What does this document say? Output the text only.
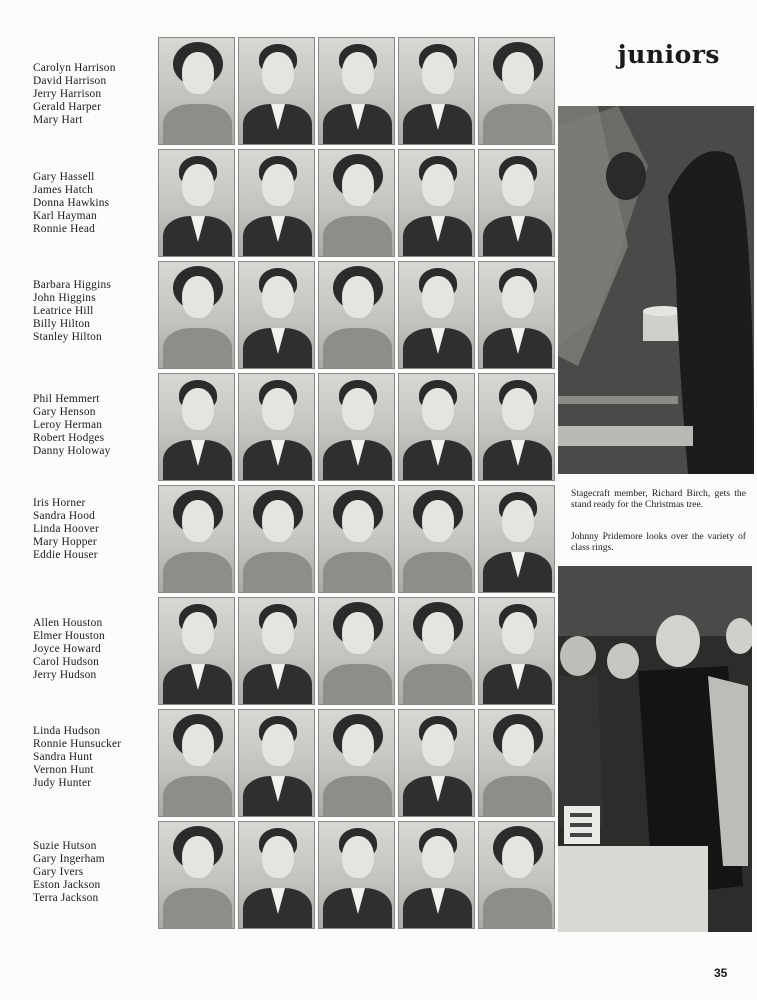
juniors
Carolyn Harrison
David Harrison
Jerry Harrison
Gerald Harper
Mary Hart
Gary Hassell
James Hatch
Donna Hawkins
Karl Hayman
Ronnie Head
Barbara Higgins
John Higgins
Leatrice Hill
Billy Hilton
Stanley Hilton
Phil Hemmert
Gary Henson
Leroy Herman
Robert Hodges
Danny Holoway
Iris Horner
Sandra Hood
Linda Hoover
Mary Hopper
Eddie Houser
Allen Houston
Elmer Houston
Joyce Howard
Carol Hudson
Jerry Hudson
Linda Hudson
Ronnie Hunsucker
Sandra Hunt
Vernon Hunt
Judy Hunter
Suzie Hutson
Gary Ingerham
Gary Ivers
Eston Jackson
Terra Jackson
Stagecraft member, Richard Birch, gets the stand ready for the Christmas tree.
Johnny Pridemore looks over the variety of class rings.
35
